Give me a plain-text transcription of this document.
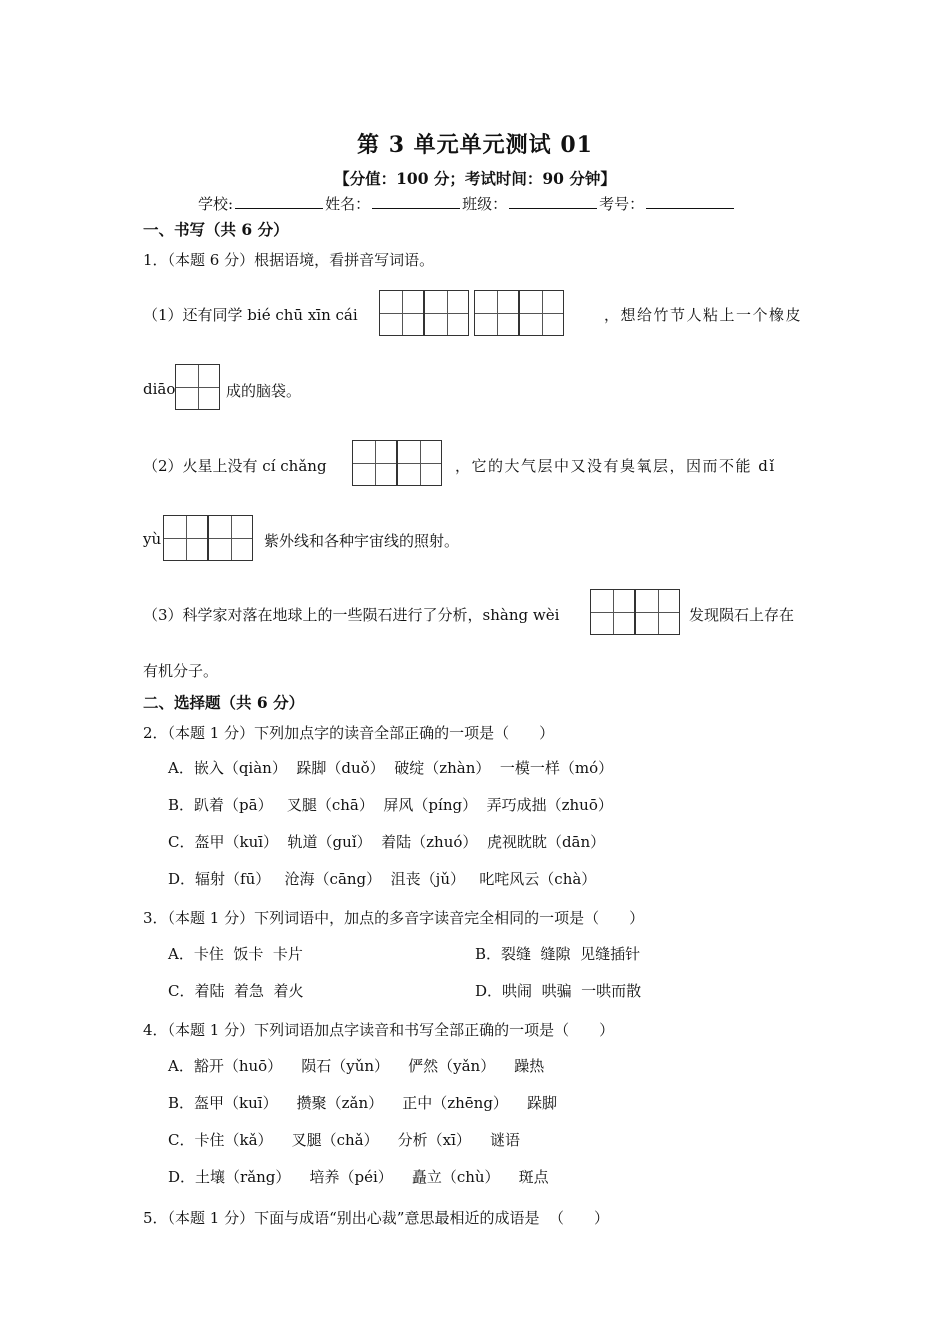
第 3 单元单元测试 01
【分值：100 分；考试时间：90 分钟】
学校:	姓名：	班级：	考号：
一、书写（共 6 分）
1．（本题 6 分）根据语境，看拼音写词语。
（1）还有同学 bié chū xīn cái	，想给竹节人粘上一个橡皮
diāo	成的脑袋。
（2）火星上没有 cí chǎng	，它的大气层中又没有臭氧层，因而不能 dǐ
yù	紫外线和各种宇宙线的照射。
（3）科学家对落在地球上的一些陨石进行了分析，shàng wèi	发现陨石上存在
有机分子。
二、选择题（共 6 分）
2．（本题 1 分）下列加点字的读音全部正确的一项是（　　）
A．嵌入（qiàn）  跺脚（duǒ）  破绽（zhàn）  一模一样（mó）
B．趴着（pā）   叉腿（chā）  屏风（píng）  弄巧成拙（zhuō）
C．盔甲（kuī）  轨道（guǐ）  着陆（zhuó）  虎视眈眈（dān）
D．辐射（fū）   沧海（cāng）  沮丧（jǔ）   叱咤风云（chà）
3．（本题 1 分）下列词语中，加点的多音字读音完全相同的一项是（　　）
A．卡住  饭卡  卡片	B．裂缝  缝隙  见缝插针
C．着陆  着急  着火	D．哄闹  哄骗  一哄而散
4．（本题 1 分）下列词语加点字读音和书写全部正确的一项是（　　）
A．豁开（huō）    陨石（yǔn）    俨然（yǎn）    躁热
B．盔甲（kuī）    攒聚（zǎn）    正中（zhēng）    跺脚
C．卡住（kǎ）    叉腿（chǎ）    分析（xī）    谜语
D．土壤（rǎng）    培养（péi）    矗立（chù）    斑点
5．（本题 1 分）下面与成语“别出心裁”意思最相近的成语是  （　　）
